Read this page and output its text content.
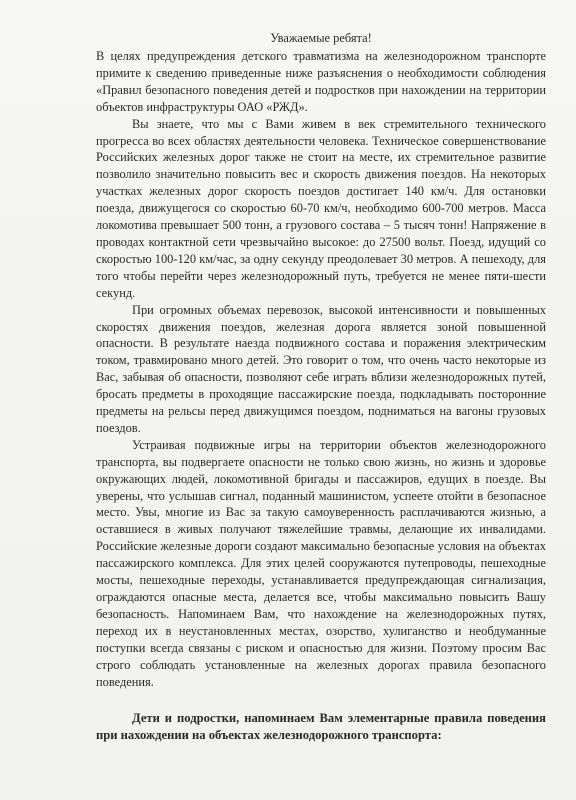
Уважаемые ребята!

В целях предупреждения детского травматизма на железнодорожном транспорте примите к сведению приведенные ниже разъяснения о необходимости соблюдения «Правил безопасного поведения детей и подростков при нахождении на территории объектов инфраструктуры ОАО «РЖД».

Вы знаете, что мы с Вами живем в век стремительного технического прогресса во всех областях деятельности человека. Техническое совершенствование Российских железных дорог также не стоит на месте, их стремительное развитие позволило значительно повысить вес и скорость движения поездов. На некоторых участках железных дорог скорость поездов достигает 140 км/ч. Для остановки поезда, движущегося со скоростью 60-70 км/ч, необходимо 600-700 метров. Масса локомотива превышает 500 тонн, а грузового состава – 5 тысяч тонн! Напряжение в проводах контактной сети чрезвычайно высокое: до 27500 вольт. Поезд, идущий со скоростью 100-120 км/час, за одну секунду преодолевает 30 метров. А пешеходу, для того чтобы перейти через железнодорожный путь, требуется не менее пяти-шести секунд.

При огромных объемах перевозок, высокой интенсивности и повышенных скоростях движения поездов, железная дорога является зоной повышенной опасности. В результате наезда подвижного состава и поражения электрическим током, травмировано много детей. Это говорит о том, что очень часто некоторые из Вас, забывая об опасности, позволяют себе играть вблизи железнодорожных путей, бросать предметы в проходящие пассажирские поезда, подкладывать посторонние предметы на рельсы перед движущимся поездом, подниматься на вагоны грузовых поездов.

Устраивая подвижные игры на территории объектов железнодорожного транспорта, вы подвергаете опасности не только свою жизнь, но жизнь и здоровье окружающих людей, локомотивной бригады и пассажиров, едущих в поезде. Вы уверены, что услышав сигнал, поданный машинистом, успеете отойти в безопасное место. Увы, многие из Вас за такую самоуверенность расплачиваются жизнью, а оставшиеся в живых получают тяжелейшие травмы, делающие их инвалидами. Российские железные дороги создают максимально безопасные условия на объектах пассажирского комплекса. Для этих целей сооружаются путепроводы, пешеходные мосты, пешеходные переходы, устанавливается предупреждающая сигнализация, ограждаются опасные места, делается все, чтобы максимально повысить Вашу безопасность. Напоминаем Вам, что нахождение на железнодорожных путях, переход их в неустановленных местах, озорство, хулиганство и необдуманные поступки всегда связаны с риском и опасностью для жизни. Поэтому просим Вас строго соблюдать установленные на железных дорогах правила безопасного поведения.

Дети и подростки, напоминаем Вам элементарные правила поведения при нахождении на объектах железнодорожного транспорта:
